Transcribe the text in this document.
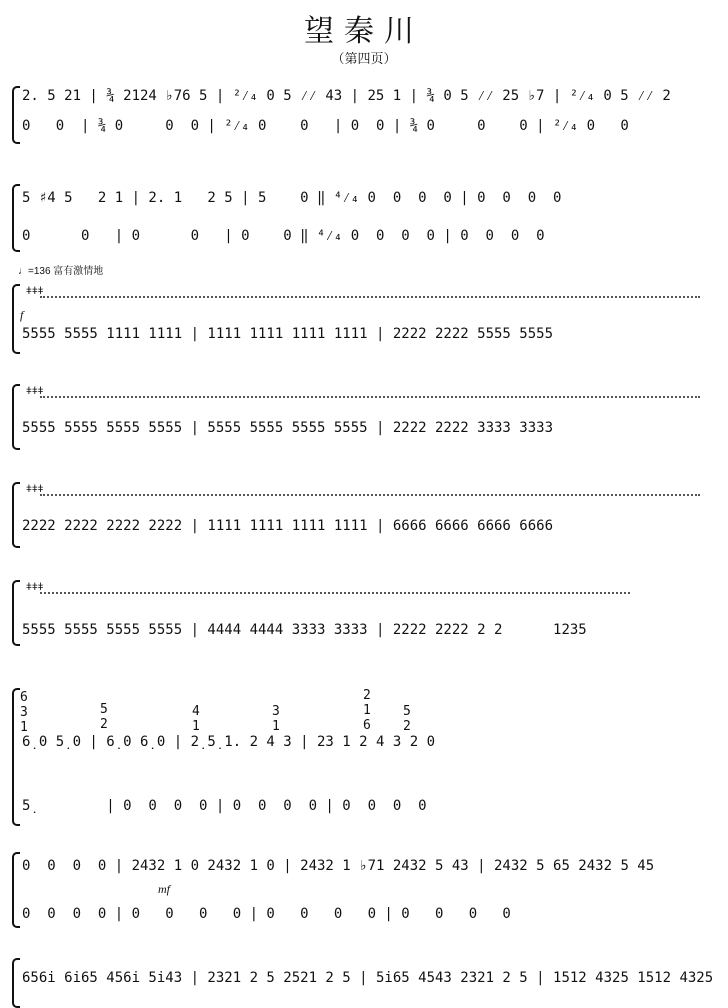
望秦川
（第四页）
2. 5 21 | ¾ 2124 ♭76 5 | ²⁄₄ 0 5 ⁄⁄ 43 | 25 1 | ¾ 0 5 ⁄⁄ 25 ♭7 | ²⁄₄ 0 5 ⁄⁄ 2
0   0  | ¾ 0     0  0 | ²⁄₄ 0    0   | 0  0 | ¾ 0     0    0 | ²⁄₄ 0   0
5 ♯4 5   2 1 | 2. 1   2 5 | 5    0 ‖ ⁴⁄₄ 0  0  0  0 | 0  0  0  0
0      0   | 0      0   | 0    0 ‖ ⁴⁄₄ 0  0  0  0 | 0  0  0  0
♩=136 富有激情地
ǂǂǂ
f
5555 5555 1111 1111 | 1111 1111 1111 1111 | 2222 2222 5555 5555
ǂǂǂ
5555 5555 5555 5555 | 5555 5555 5555 5555 | 2222 2222 3333 3333
ǂǂǂ
2222 2222 2222 2222 | 1111 1111 1111 1111 | 6666 6666 6666 6666
ǂǂǂ
5555 5555 5555 5555 | 4444 4444 3333 3333 | 2222 2222 2 2      1235
6
3
1
5
2
4
1
3
1
2
1
6
5
2
6̣ 0 5̣ 0 | 6̣ 0 6̣ 0 | 2̣ 5̣ 1. 2 4 3 | 23 1 2 4 3 2 0
5̣         | 0  0  0  0 | 0  0  0  0 | 0  0  0  0
0  0  0  0 | 2432 1 0 2432 1 0 | 2432 1 ♭71 2432 5 43 | 2432 5 65 2432 5 45
mf
0  0  0  0 | 0   0   0   0 | 0   0   0   0 | 0   0   0   0
656i 6i65 456i 5i43 | 2321 2 5 2521 2 5 | 5i65 4543 2321 2 5 | 1512 4325 1512 4325
